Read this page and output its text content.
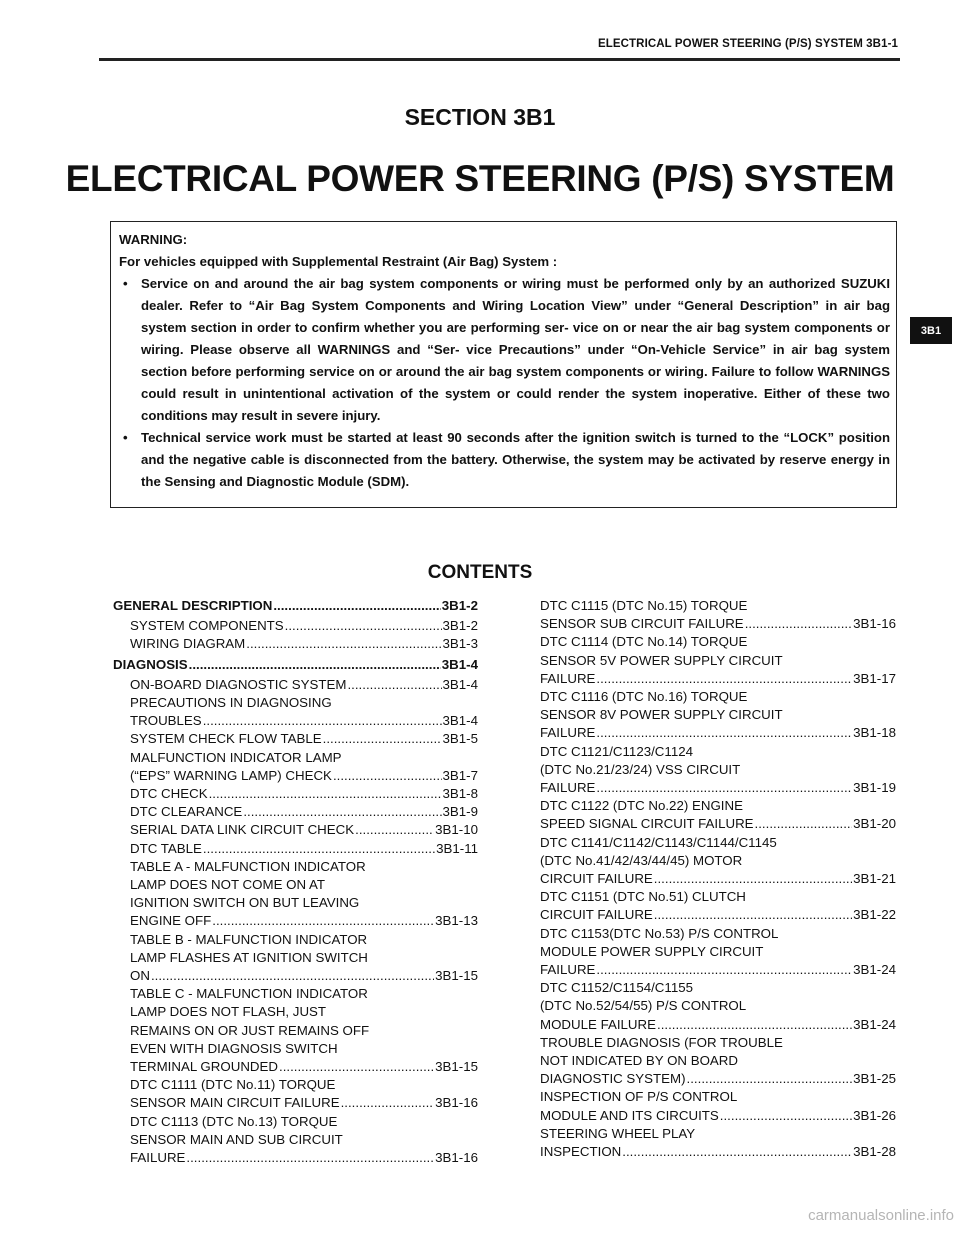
ELECTRICAL POWER STEERING (P/S) SYSTEM 3B1-1
3B1
SECTION 3B1
ELECTRICAL POWER STEERING (P/S) SYSTEM

WARNING:

For vehicles equipped with Supplemental Restraint (Air Bag) System :

• Service on and around the air bag system components or wiring must be performed only by an authorized SUZUKI dealer. Refer to “Air Bag System Components and Wiring Location View” under “General Description” in air bag system section in order to confirm whether you are performing ser- vice on or near the air bag system components or wiring. Please observe all WARNINGS and “Ser- vice Precautions” under “On-Vehicle Service” in air bag system section before performing service on or around the air bag system components or wiring. Failure to follow WARNINGS could result in unintentional activation of the system or could render the system inoperative. Either of these two conditions may result in severe injury.
• Technical service work must be started at least 90 seconds after the ignition switch is turned to the “LOCK” position and the negative cable is disconnected from the battery. Otherwise, the system may be activated by reserve energy in the Sensing and Diagnostic Module (SDM).
CONTENTS
GENERAL DESCRIPTION .....	3B1-2
SYSTEM COMPONENTS .....	3B1-2
WIRING DIAGRAM .....	3B1-3
DIAGNOSIS .....	3B1-4
ON-BOARD DIAGNOSTIC SYSTEM .....	3B1-4
PRECAUTIONS IN DIAGNOSING
TROUBLES .....	3B1-4
SYSTEM CHECK FLOW TABLE .....	3B1-5
MALFUNCTION INDICATOR LAMP
(“EPS” WARNING LAMP) CHECK .....	3B1-7
DTC CHECK .....	3B1-8
DTC CLEARANCE .....	3B1-9
SERIAL DATA LINK CIRCUIT CHECK .....	3B1-10
DTC TABLE .....	3B1-11
TABLE A - MALFUNCTION INDICATOR
LAMP DOES NOT COME ON AT
IGNITION SWITCH ON BUT LEAVING
ENGINE OFF .....	3B1-13
TABLE B - MALFUNCTION INDICATOR
LAMP FLASHES AT IGNITION SWITCH
ON .....	3B1-15
TABLE C - MALFUNCTION INDICATOR
LAMP DOES NOT FLASH, JUST
REMAINS ON OR JUST REMAINS OFF
EVEN WITH DIAGNOSIS SWITCH
TERMINAL GROUNDED .....	3B1-15
DTC C1111 (DTC No.11) TORQUE
SENSOR MAIN CIRCUIT FAILURE .....	3B1-16
DTC C1113 (DTC No.13) TORQUE
SENSOR MAIN AND SUB CIRCUIT
FAILURE .....	3B1-16
DTC C1115 (DTC No.15) TORQUE
SENSOR SUB CIRCUIT FAILURE .....	3B1-16
DTC C1114 (DTC No.14) TORQUE
SENSOR 5V POWER SUPPLY CIRCUIT
FAILURE .....	3B1-17
DTC C1116 (DTC No.16) TORQUE
SENSOR 8V POWER SUPPLY CIRCUIT
FAILURE .....	3B1-18
DTC C1121/C1123/C1124
(DTC No.21/23/24) VSS CIRCUIT
FAILURE .....	3B1-19
DTC C1122 (DTC No.22) ENGINE
SPEED SIGNAL CIRCUIT FAILURE .....	3B1-20
DTC C1141/C1142/C1143/C1144/C1145
(DTC No.41/42/43/44/45) MOTOR
CIRCUIT FAILURE .....	3B1-21
DTC C1151 (DTC No.51) CLUTCH
CIRCUIT FAILURE .....	3B1-22
DTC C1153(DTC No.53) P/S CONTROL
MODULE POWER SUPPLY CIRCUIT
FAILURE .....	3B1-24
DTC C1152/C1154/C1155
(DTC No.52/54/55) P/S CONTROL
MODULE FAILURE .....	3B1-24
TROUBLE DIAGNOSIS (FOR TROUBLE
NOT INDICATED BY ON BOARD
DIAGNOSTIC SYSTEM) .....	3B1-25
INSPECTION OF P/S CONTROL
MODULE AND ITS CIRCUITS .....	3B1-26
STEERING WHEEL PLAY
INSPECTION .....	3B1-28
carmanualsonline.info
